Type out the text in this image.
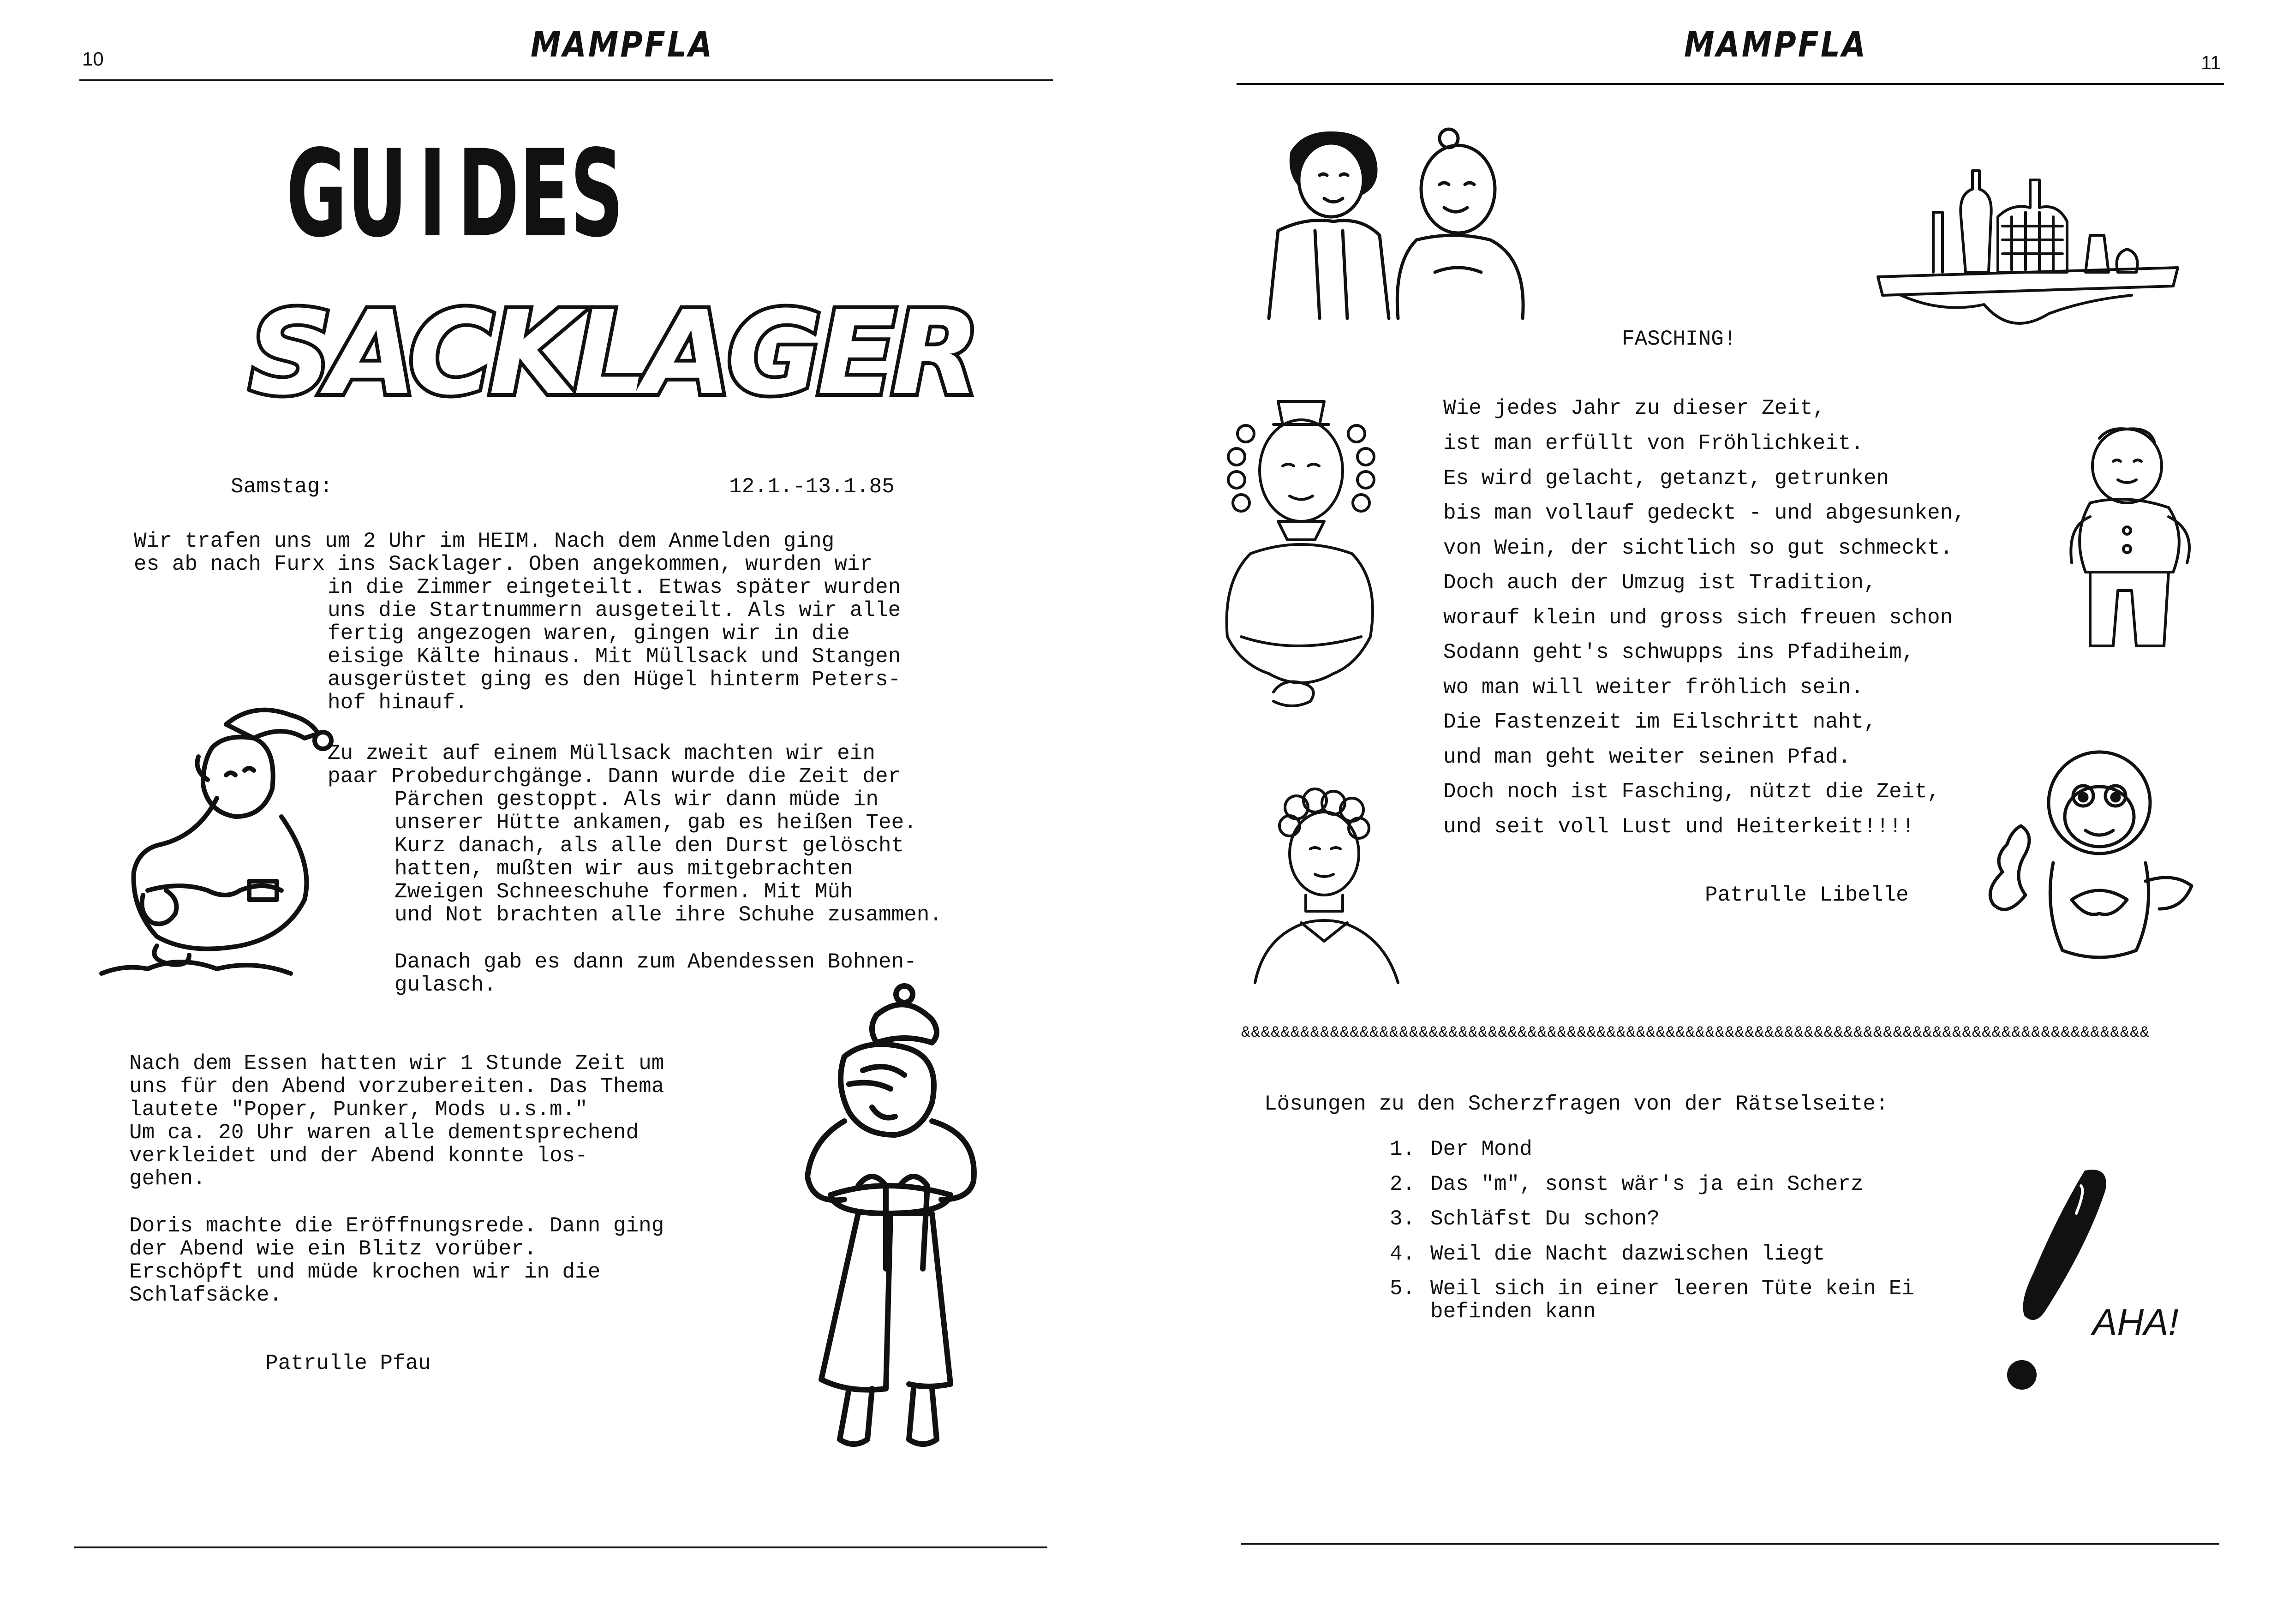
10	MAMPFLA
G U I D E S
SACKLAGER
Samstag:	12.1.-13.1.85
Wir trafen uns um 2 Uhr im HEIM. Nach dem Anmelden ging
es ab nach Furx ins Sacklager. Oben angekommen, wurden wir
in die Zimmer eingeteilt. Etwas später wurden
uns die Startnummern ausgeteilt. Als wir alle
fertig angezogen waren, gingen wir in die
eisige Kälte hinaus. Mit Müllsack und Stangen
ausgerüstet ging es den Hügel hinterm Peters-
hof hinauf.
Zu zweit auf einem Müllsack machten wir ein
paar Probedurchgänge. Dann wurde die Zeit der
Pärchen gestoppt. Als wir dann müde in
unserer Hütte ankamen, gab es heißen Tee.
Kurz danach, als alle den Durst gelöscht
hatten, mußten wir aus mitgebrachten
Zweigen Schneeschuhe formen. Mit Müh
und Not brachten alle ihre Schuhe zusammen.
Danach gab es dann zum Abendessen Bohnen-
gulasch.
Nach dem Essen hatten wir 1 Stunde Zeit um
uns für den Abend vorzubereiten. Das Thema
lautete "Poper, Punker, Mods u.s.m."
Um ca. 20 Uhr waren alle dementsprechend
verkleidet und der Abend konnte los-
gehen.
Doris machte die Eröffnungsrede. Dann ging
der Abend wie ein Blitz vorüber.
Erschöpft und müde krochen wir in die
Schlafsäcke.
Patrulle Pfau
MAMPFLA	11
FASCHING!
Wie jedes Jahr zu dieser Zeit,
ist man erfüllt von Fröhlichkeit.
Es wird gelacht, getanzt, getrunken
bis man vollauf gedeckt - und abgesunken,
von Wein, der sichtlich so gut schmeckt.
Doch auch der Umzug ist Tradition,
worauf klein und gross sich freuen schon
Sodann geht's schwupps ins Pfadiheim,
wo man will weiter fröhlich sein.
Die Fastenzeit im Eilschritt naht,
und man geht weiter seinen Pfad.
Doch noch ist Fasching, nützt die Zeit,
und seit voll Lust und Heiterkeit!!!!
Patrulle Libelle
&&&&&&&&&&&&&&&&&&&&&&&&&&&&&&&&&&&&&&&&&&&&&&&&&&&&&&&&&&&&&&&&&&&&&&&&&&&&&&&&&&&&&&&&&&&&
Lösungen zu den Scherzfragen von der Rätselseite:
1. Der Mond
2. Das "m", sonst wär's ja ein Scherz
3. Schläfst Du schon?
4. Weil die Nacht dazwischen liegt
5. Weil sich in einer leeren Tüte kein Ei
befinden kann	AHA!
